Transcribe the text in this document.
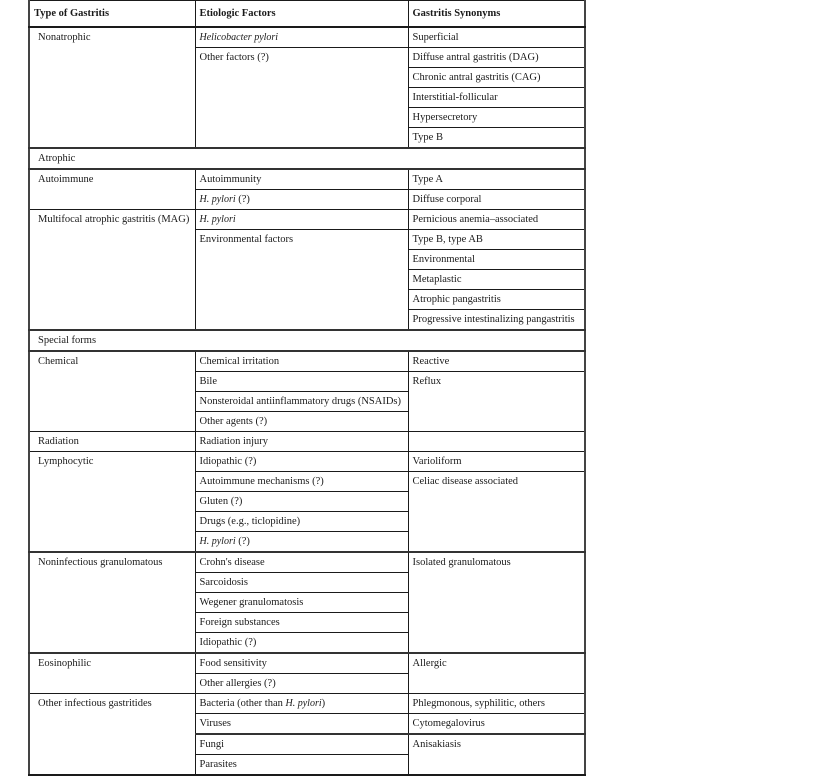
Type of Gastritis	Etiologic Factors	Gastritis Synonyms
Nonatrophic	Helicobacter pylori	Superficial
	Other factors (?)	Diffuse antral gastritis (DAG)
		Chronic antral gastritis (CAG)
		Interstitial-follicular
		Hypersecretory
		Type B
Atrophic		
Autoimmune	Autoimmunity	Type A
	H. pylori (?)	Diffuse corporal
Multifocal atrophic gastritis (MAG)	H. pylori	Pernicious anemia–associated
	Environmental factors	Type B, type AB
		Environmental
		Metaplastic
		Atrophic pangastritis
		Progressive intestinalizing pangastritis
Special forms		
Chemical	Chemical irritation	Reactive
	Bile	Reflux
	Nonsteroidal antiinflammatory drugs (NSAIDs)	
	Other agents (?)	
Radiation	Radiation injury	
Lymphocytic	Idiopathic (?)	Varioliform
	Autoimmune mechanisms (?)	Celiac disease associated
	Gluten (?)	
	Drugs (e.g., ticlopidine)	
	H. pylori (?)	
Noninfectious granulomatous	Crohn's disease	Isolated granulomatous
	Sarcoidosis	
	Wegener granulomatosis	
	Foreign substances	
	Idiopathic (?)	
Eosinophilic	Food sensitivity	Allergic
	Other allergies (?)	
Other infectious gastritides	Bacteria (other than H. pylori)	Phlegmonous, syphilitic, others
	Viruses	Cytomegalovirus
	Fungi	Anisakiasis
	Parasites	
